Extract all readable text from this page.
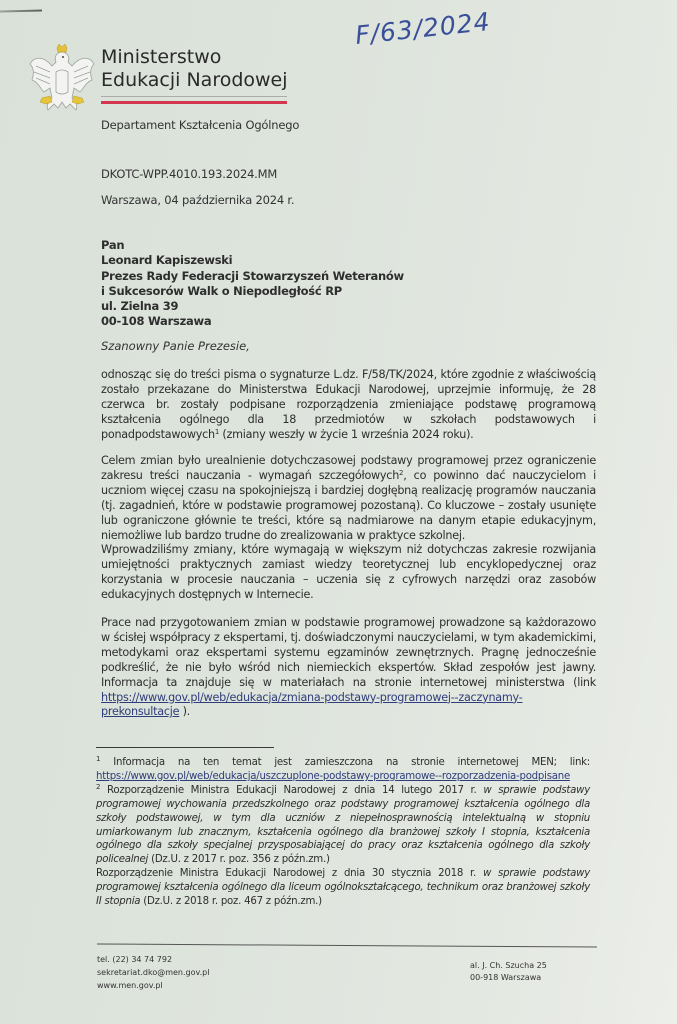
F/63/2024
Ministerstwo
Edukacji Narodowej
Departament Kształcenia Ogólnego
DKOTC-WPP.4010.193.2024.MM
Warszawa, 04 października 2024 r.
Pan
Leonard Kapiszewski
Prezes Rady Federacji Stowarzyszeń Weteranów
i Sukcesorów Walk o Niepodległość RP
ul. Zielna 39
00-108 Warszawa
Szanowny Panie Prezesie,
odnosząc się do treści pisma o sygnaturze L.dz. F/58/TK/2024, które zgodnie z właściwością zostało przekazane do Ministerstwa Edukacji Narodowej, uprzejmie informuję, że 28 czerwca br. zostały podpisane rozporządzenia zmieniające podstawę programową kształcenia ogólnego dla 18 przedmiotów w szkołach podstawowych i ponadpodstawowych$^1$ (zmiany weszły w życie 1 września 2024 roku).
Celem zmian było urealnienie dotychczasowej podstawy programowej przez ograniczenie zakresu treści nauczania - wymagań szczegółowych$^2$, co powinno dać nauczycielom i uczniom więcej czasu na spokojniejszą i bardziej dogłębną realizację programów nauczania (tj. zagadnień, które w podstawie programowej pozostaną). Co kluczowe – zostały usunięte lub ograniczone głównie te treści, które są nadmiarowe na danym etapie edukacyjnym, niemożliwe lub bardzo trudne do zrealizowania w praktyce szkolnej.
Wprowadziliśmy zmiany, które wymagają w większym niż dotychczas zakresie rozwijania umiejętności praktycznych zamiast wiedzy teoretycznej lub encyklopedycznej oraz korzystania w procesie nauczania – uczenia się z cyfrowych narzędzi oraz zasobów edukacyjnych dostępnych w Internecie.
Prace nad przygotowaniem zmian w podstawie programowej prowadzone są każdorazowo w ścisłej współpracy z ekspertami, tj. doświadczonymi nauczycielami, w tym akademickimi, metodykami oraz ekspertami systemu egzaminów zewnętrznych. Pragnę jednocześnie podkreślić, że nie było wśród nich niemieckich ekspertów. Skład zespołów jest jawny. Informacja ta znajduje się w materiałach na stronie internetowej ministerstwa (link https://www.gov.pl/web/edukacja/zmiana-podstawy-programowej--zaczynamy-prekonsultacje ).
$^1$ Informacja na ten temat jest zamieszczona na stronie internetowej MEN; link: https://www.gov.pl/web/edukacja/uszczuplone-podstawy-programowe--rozporzadzenia-podpisane
$^2$ Rozporządzenie Ministra Edukacji Narodowej z dnia 14 lutego 2017 r. w sprawie podstawy programowej wychowania przedszkolnego oraz podstawy programowej kształcenia ogólnego dla szkoły podstawowej, w tym dla uczniów z niepełnosprawnością intelektualną w stopniu umiarkowanym lub znacznym, kształcenia ogólnego dla branżowej szkoły I stopnia, kształcenia ogólnego dla szkoły specjalnej przysposabiającej do pracy oraz kształcenia ogólnego dla szkoły policealnej (Dz.U. z 2017 r. poz. 356 z późn.zm.)
Rozporządzenie Ministra Edukacji Narodowej z dnia 30 stycznia 2018 r. w sprawie podstawy programowej kształcenia ogólnego dla liceum ogólnokształcącego, technikum oraz branżowej szkoły II stopnia (Dz.U. z 2018 r. poz. 467 z późn.zm.)
tel. (22) 34 74 792
sekretariat.dko@men.gov.pl
www.men.gov.pl
al. J. Ch. Szucha 25
00-918 Warszawa
